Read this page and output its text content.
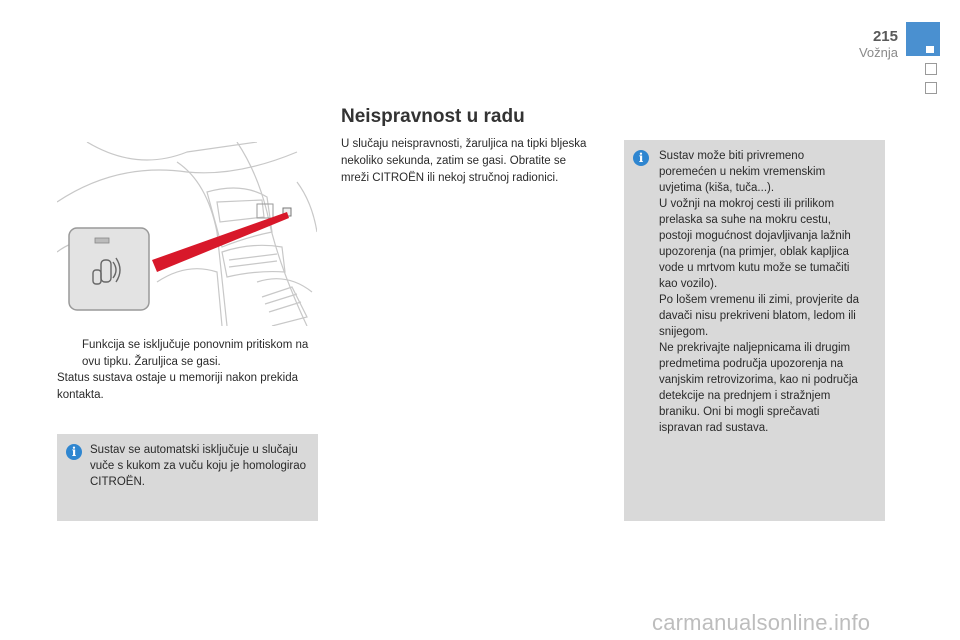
215
Vožnja
Funkcija se isključuje ponovnim pritiskom na ovu tipku. Žaruljica se gasi.
Status sustava ostaje u memoriji nakon prekida kontakta.
i	Sustav se automatski isključuje u slučaju vuče s kukom za vuču koju je homologirao CITROËN.
Neispravnost u radu
U slučaju neispravnosti, žaruljica na tipki bljeska nekoliko sekunda, zatim se gasi. Obratite se mreži CITROËN ili nekoj stručnoj radionici.
i	Sustav može biti privremeno
poremećen u nekim vremenskim
uvjetima (kiša, tuča...).
U vožnji na mokroj cesti ili prilikom
prelaska sa suhe na mokru cestu,
postoji mogućnost dojavljivanja lažnih
upozorenja (na primjer, oblak kapljica
vode u mrtvom kutu može se tumačiti
kao vozilo).
Po lošem vremenu ili zimi, provjerite da
davači nisu prekriveni blatom, ledom ili
snijegom.
Ne prekrivajte naljepnicama ili drugim
predmetima područja upozorenja na
vanjskim retrovizorima, kao ni područja
detekcije na prednjem i stražnjem
braniku. Oni bi mogli sprečavati
ispravan rad sustava.
carmanualsonline.info
